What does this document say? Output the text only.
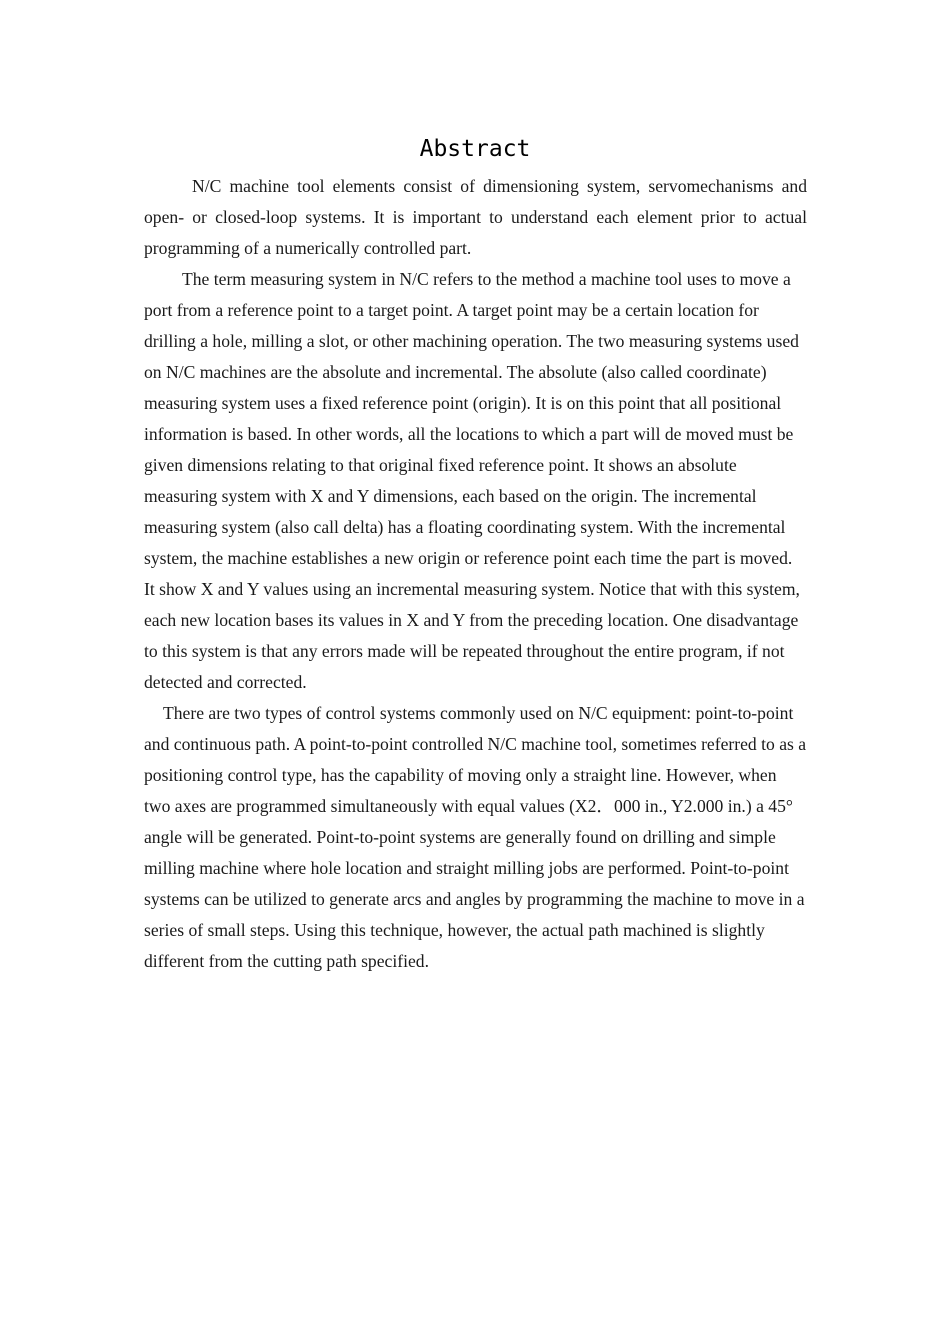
Abstract

N/C machine tool elements consist of dimensioning system, servomechanisms and open- or closed-loop systems. It is important to understand each element prior to actual programming of a numerically controlled part.

The term measuring system in N/C refers to the method a machine tool uses to move a port from a reference point to a target point. A target point may be a certain location for drilling a hole, milling a slot, or other machining operation. The two measuring systems used on N/C machines are the absolute and incremental. The absolute (also called coordinate) measuring system uses a fixed reference point (origin). It is on this point that all positional information is based. In other words, all the locations to which a part will de moved must be given dimensions relating to that original fixed reference point. It shows an absolute measuring system with X and Y dimensions, each based on the origin. The incremental measuring system (also call delta) has a floating coordinating system. With the incremental system, the machine establishes a new origin or reference point each time the part is moved. It show X and Y values using an incremental measuring system. Notice that with this system, each new location bases its values in X and Y from the preceding location. One disadvantage to this system is that any errors made will be repeated throughout the entire program, if not detected and corrected.

There are two types of control systems commonly used on N/C equipment: point-to-point and continuous path. A point-to-point controlled N/C machine tool, sometimes referred to as a positioning control type, has the capability of moving only a straight line. However, when two axes are programmed simultaneously with equal values (X2．000 in., Y2.000 in.) a 45° angle will be generated. Point-to-point systems are generally found on drilling and simple milling machine where hole location and straight milling jobs are performed. Point-to-point systems can be utilized to generate arcs and angles by programming the machine to move in a series of small steps. Using this technique, however, the actual path machined is slightly different from the cutting path specified.
